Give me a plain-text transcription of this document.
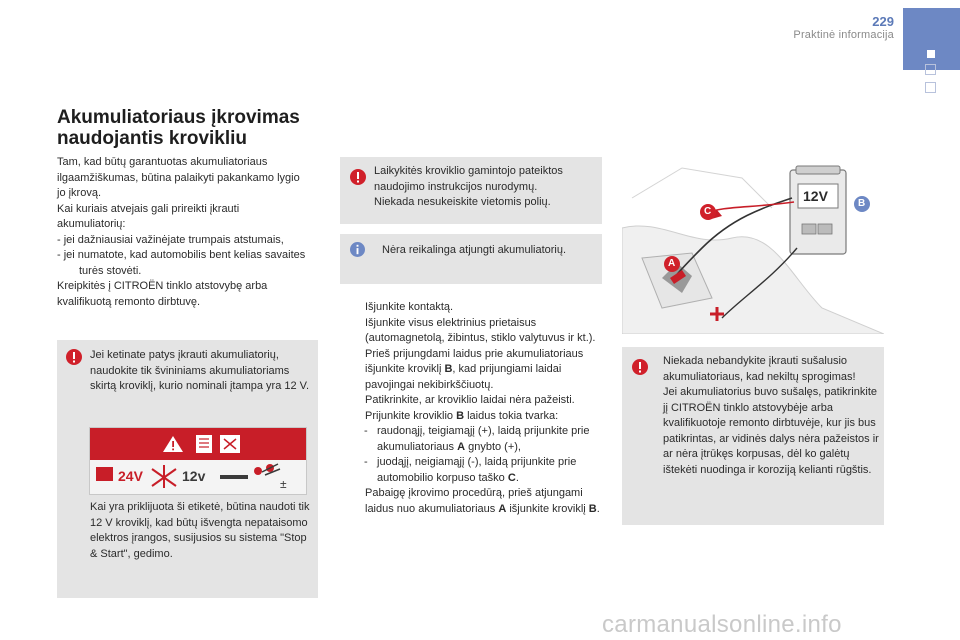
229
Praktinė informacija
Akumuliatoriaus įkrovimas
naudojantis krovikliu
Tam, kad būtų garantuotas akumuliatoriaus ilgaamžiškumas, būtina palaikyti pakankamo lygio jo įkrovą.
Kai kuriais atvejais gali prireikti įkrauti akumuliatorių:
- jei dažniausiai važinėjate trumpais atstumais,
- jei numatote, kad automobilis bent kelias savaites turės stovėti.
Kreipkitės į CITROËN tinklo atstovybę arba kvalifikuotą remonto dirbtuvę.
Jei ketinate patys įkrauti akumuliatorių, naudokite tik švininiams akumuliatoriams skirtą kroviklį, kurio nominali įtampa yra 12 V.
Kai yra priklijuota ši etiketė, būtina naudoti tik 12 V kroviklį, kad būtų išvengta nepataisomo elektros įrangos, susijusios su sistema "Stop & Start", gedimo.
±
24V	12v
Laikykitės kroviklio gamintojo pateiktos
naudojimo instrukcijos nurodymų.
Niekada nesukeiskite vietomis polių.
Nėra reikalinga atjungti akumuliatorių.
Išjunkite kontaktą.
Išjunkite visus elektrinius prietaisus (automagnetolą, žibintus, stiklo valytuvus ir kt.).
Prieš prijungdami laidus prie akumuliatoriaus išjunkite kroviklį B, kad prijungiami laidai pavojingai nekibirkščiuotų.
Patikrinkite, ar kroviklio laidai nėra pažeisti.
Prijunkite kroviklio B laidus tokia tvarka:
- raudonąjį, teigiamąjį (+), laidą prijunkite prie akumuliatoriaus A gnybto (+),
- juodąjį, neigiamąjį (-), laidą prijunkite prie automobilio korpuso taško C.
Pabaigę įkrovimo procedūrą, prieš atjungami laidus nuo akumuliatoriaus A išjunkite kroviklį B.
12V	B
C
A
Niekada nebandykite įkrauti sušalusio akumuliatoriaus, kad nekiltų sprogimas!
Jei akumuliatorius buvo sušalęs, patikrinkite jį CITROËN tinklo atstovybėje arba kvalifikuotoje remonto dirbtuvėje, kur jis bus patikrintas, ar vidinės dalys nėra pažeistos ir ar nėra įtrūkęs korpusas, dėl ko galėtų ištekėti nuodinga ir koroziją kelianti rūgštis.
carmanualsonline.info
